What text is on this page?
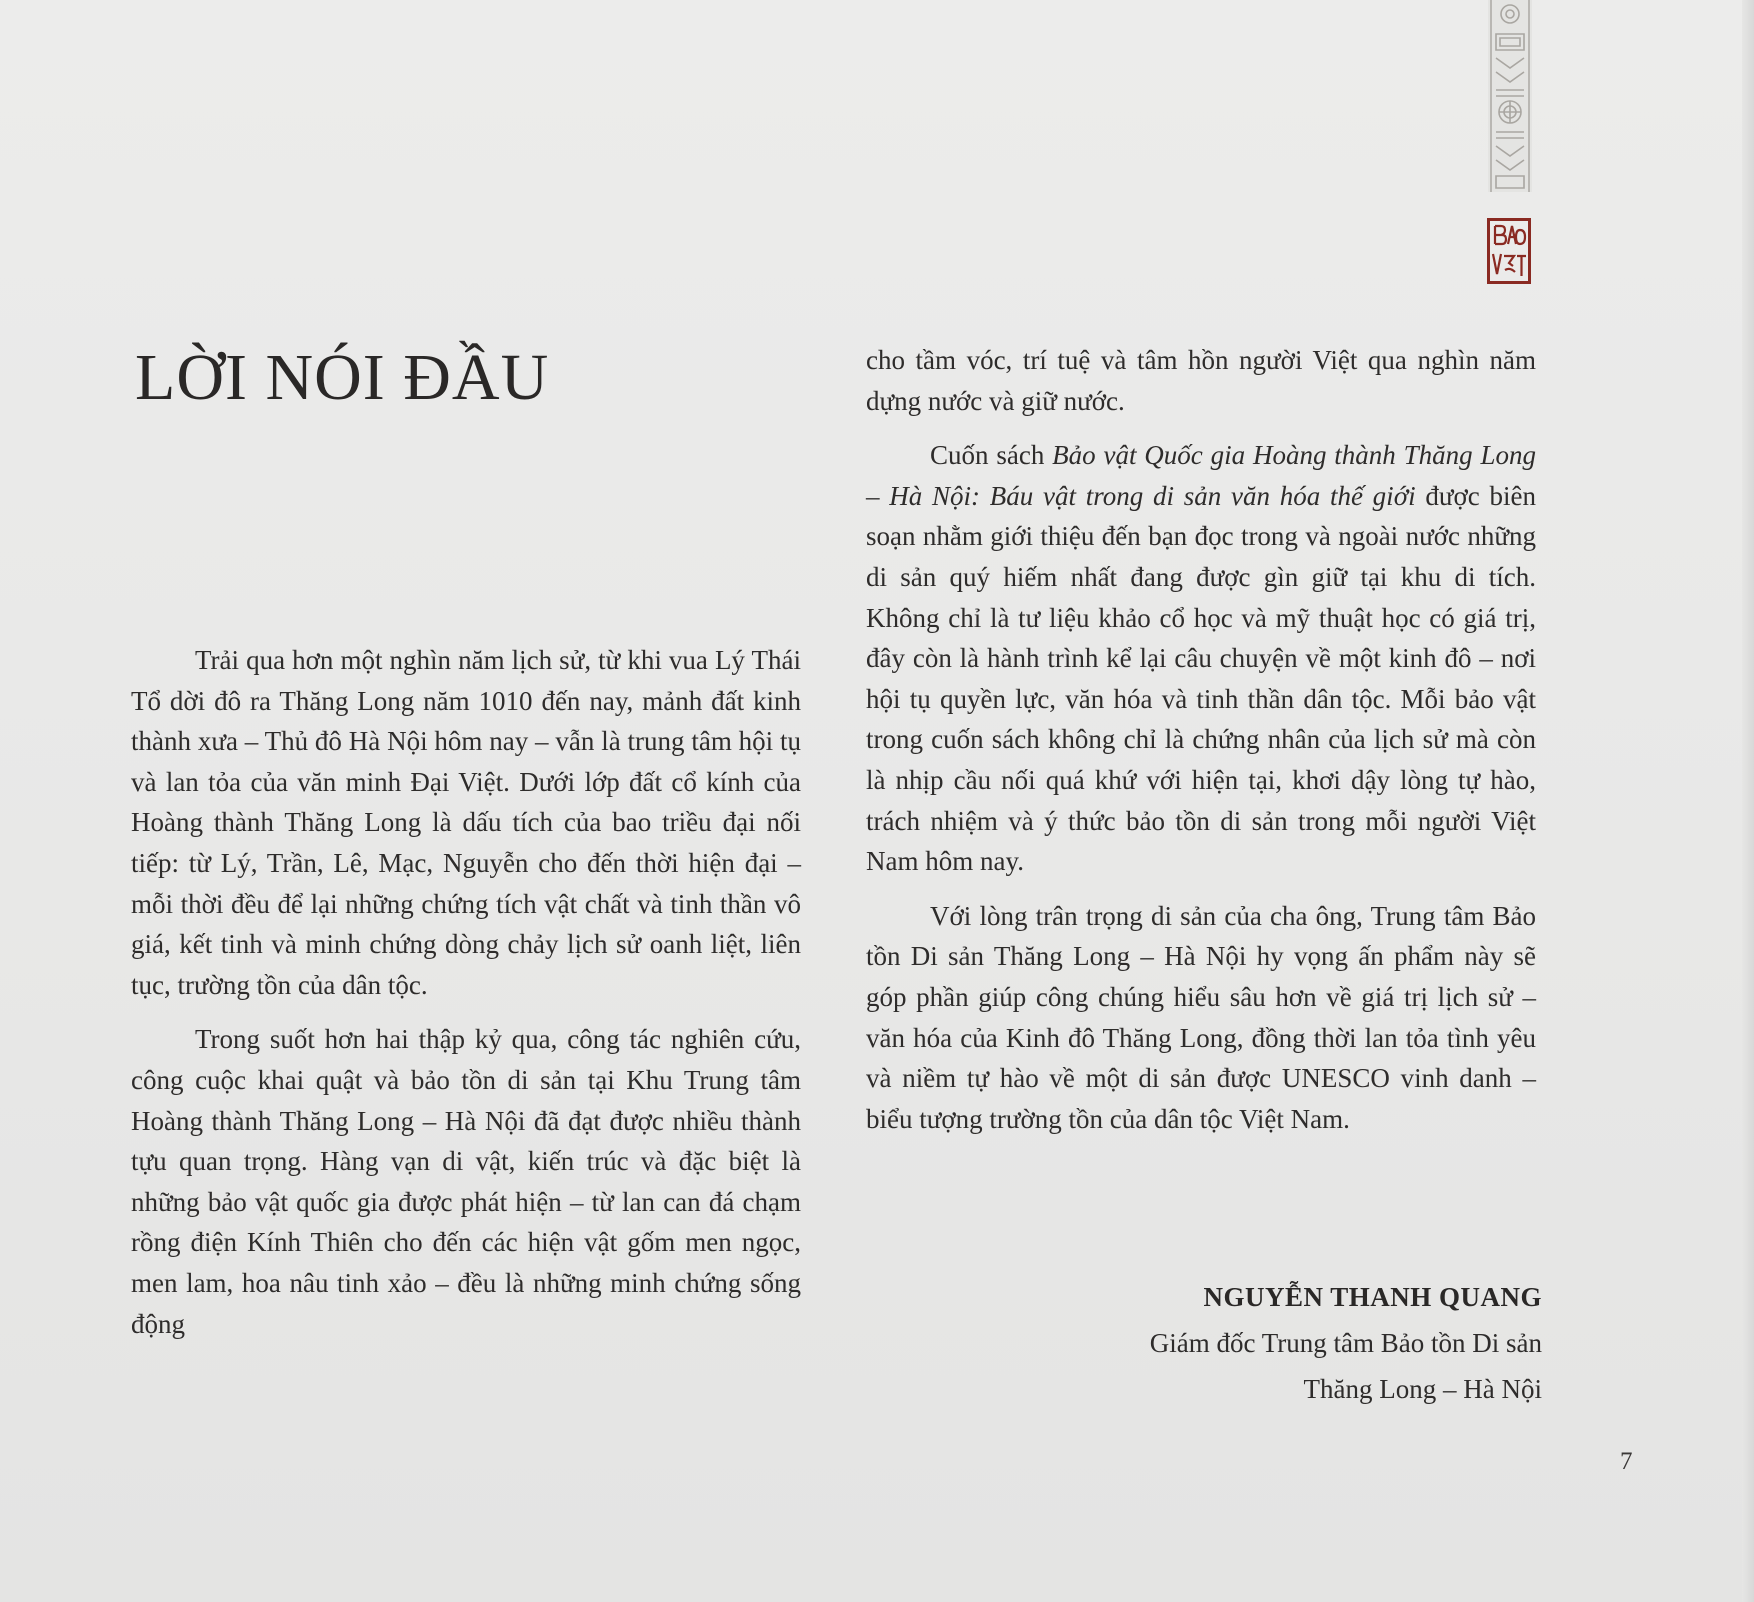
LỜI NÓI ĐẦU

Trải qua hơn một nghìn năm lịch sử, từ khi vua Lý Thái Tổ dời đô ra Thăng Long năm 1010 đến nay, mảnh đất kinh thành xưa – Thủ đô Hà Nội hôm nay – vẫn là trung tâm hội tụ và lan tỏa của văn minh Đại Việt. Dưới lớp đất cổ kính của Hoàng thành Thăng Long là dấu tích của bao triều đại nối tiếp: từ Lý, Trần, Lê, Mạc, Nguyễn cho đến thời hiện đại – mỗi thời đều để lại những chứng tích vật chất và tinh thần vô giá, kết tinh và minh chứng dòng chảy lịch sử oanh liệt, liên tục, trường tồn của dân tộc.

Trong suốt hơn hai thập kỷ qua, công tác nghiên cứu, công cuộc khai quật và bảo tồn di sản tại Khu Trung tâm Hoàng thành Thăng Long – Hà Nội đã đạt được nhiều thành tựu quan trọng. Hàng vạn di vật, kiến trúc và đặc biệt là những bảo vật quốc gia được phát hiện – từ lan can đá chạm rồng điện Kính Thiên cho đến các hiện vật gốm men ngọc, men lam, hoa nâu tinh xảo – đều là những minh chứng sống động

cho tầm vóc, trí tuệ và tâm hồn người Việt qua nghìn năm dựng nước và giữ nước.

Cuốn sách Bảo vật Quốc gia Hoàng thành Thăng Long – Hà Nội: Báu vật trong di sản văn hóa thế giới được biên soạn nhằm giới thiệu đến bạn đọc trong và ngoài nước những di sản quý hiếm nhất đang được gìn giữ tại khu di tích. Không chỉ là tư liệu khảo cổ học và mỹ thuật học có giá trị, đây còn là hành trình kể lại câu chuyện về một kinh đô – nơi hội tụ quyền lực, văn hóa và tinh thần dân tộc. Mỗi bảo vật trong cuốn sách không chỉ là chứng nhân của lịch sử mà còn là nhịp cầu nối quá khứ với hiện tại, khơi dậy lòng tự hào, trách nhiệm và ý thức bảo tồn di sản trong mỗi người Việt Nam hôm nay.

Với lòng trân trọng di sản của cha ông, Trung tâm Bảo tồn Di sản Thăng Long – Hà Nội hy vọng ấn phẩm này sẽ góp phần giúp công chúng hiểu sâu hơn về giá trị lịch sử – văn hóa của Kinh đô Thăng Long, đồng thời lan tỏa tình yêu và niềm tự hào về một di sản được UNESCO vinh danh – biểu tượng trường tồn của dân tộc Việt Nam.

NGUYỄN THANH QUANG
Giám đốc Trung tâm Bảo tồn Di sản
Thăng Long – Hà Nội
7
